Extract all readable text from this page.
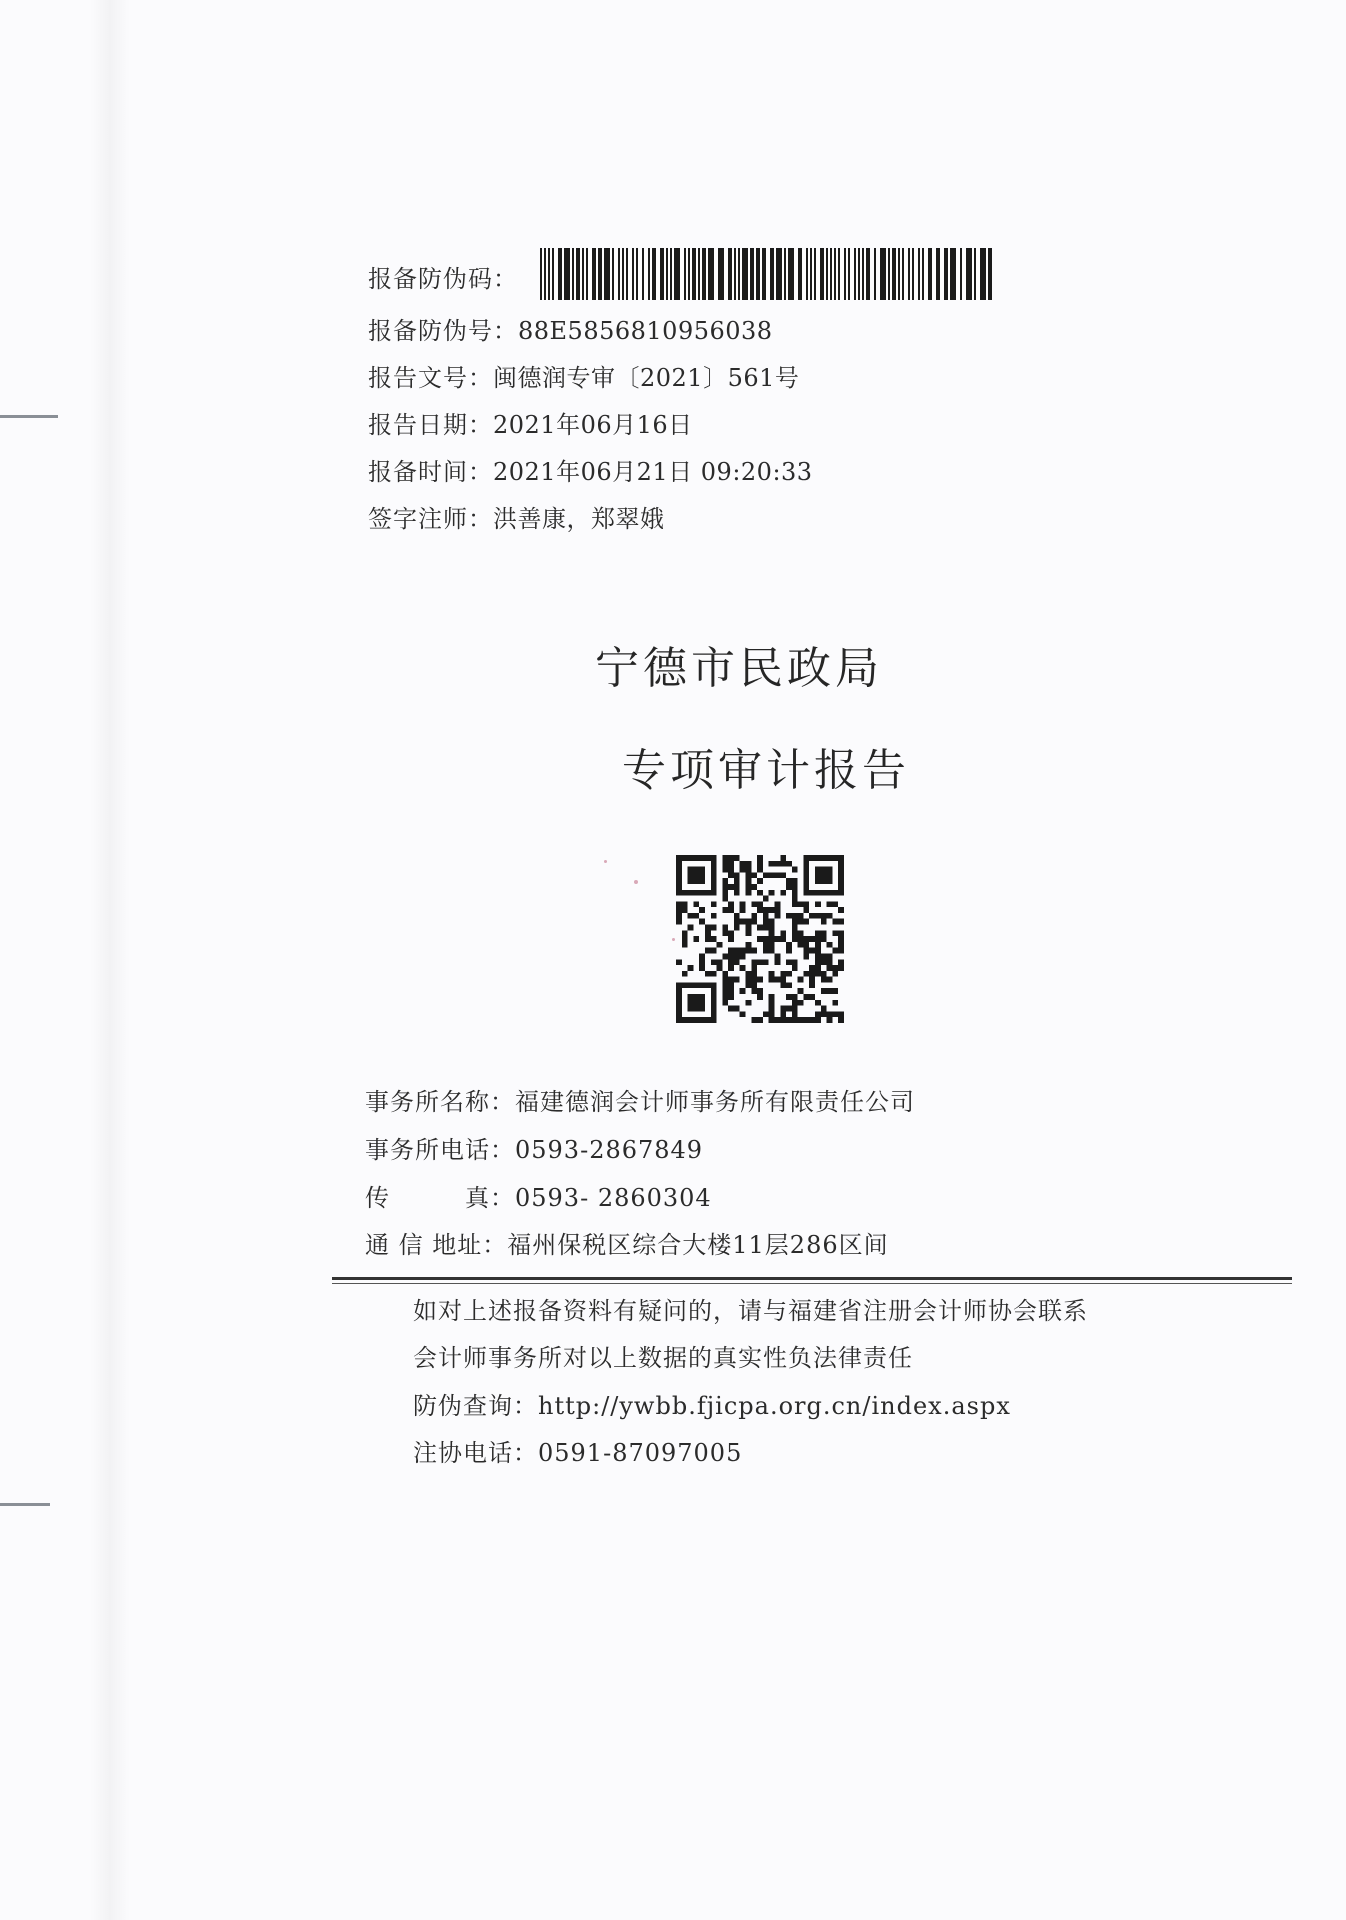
报备防伪码：
报备防伪号：88E5856810956038
报告文号：闽德润专审〔2021〕561号
报告日期：2021年06月16日
报备时间：2021年06月21日 09:20:33
签字注师：洪善康，郑翠娥
宁德市民政局
专项审计报告
事务所名称：福建德润会计师事务所有限责任公司
事务所电话：0593-2867849
传　　　真：0593- 2860304
通 信 地址：福州保税区综合大楼11层286区间
如对上述报备资料有疑问的，请与福建省注册会计师协会联系
会计师事务所对以上数据的真实性负法律责任
防伪查询：http://ywbb.fjicpa.org.cn/index.aspx
注协电话：0591-87097005
